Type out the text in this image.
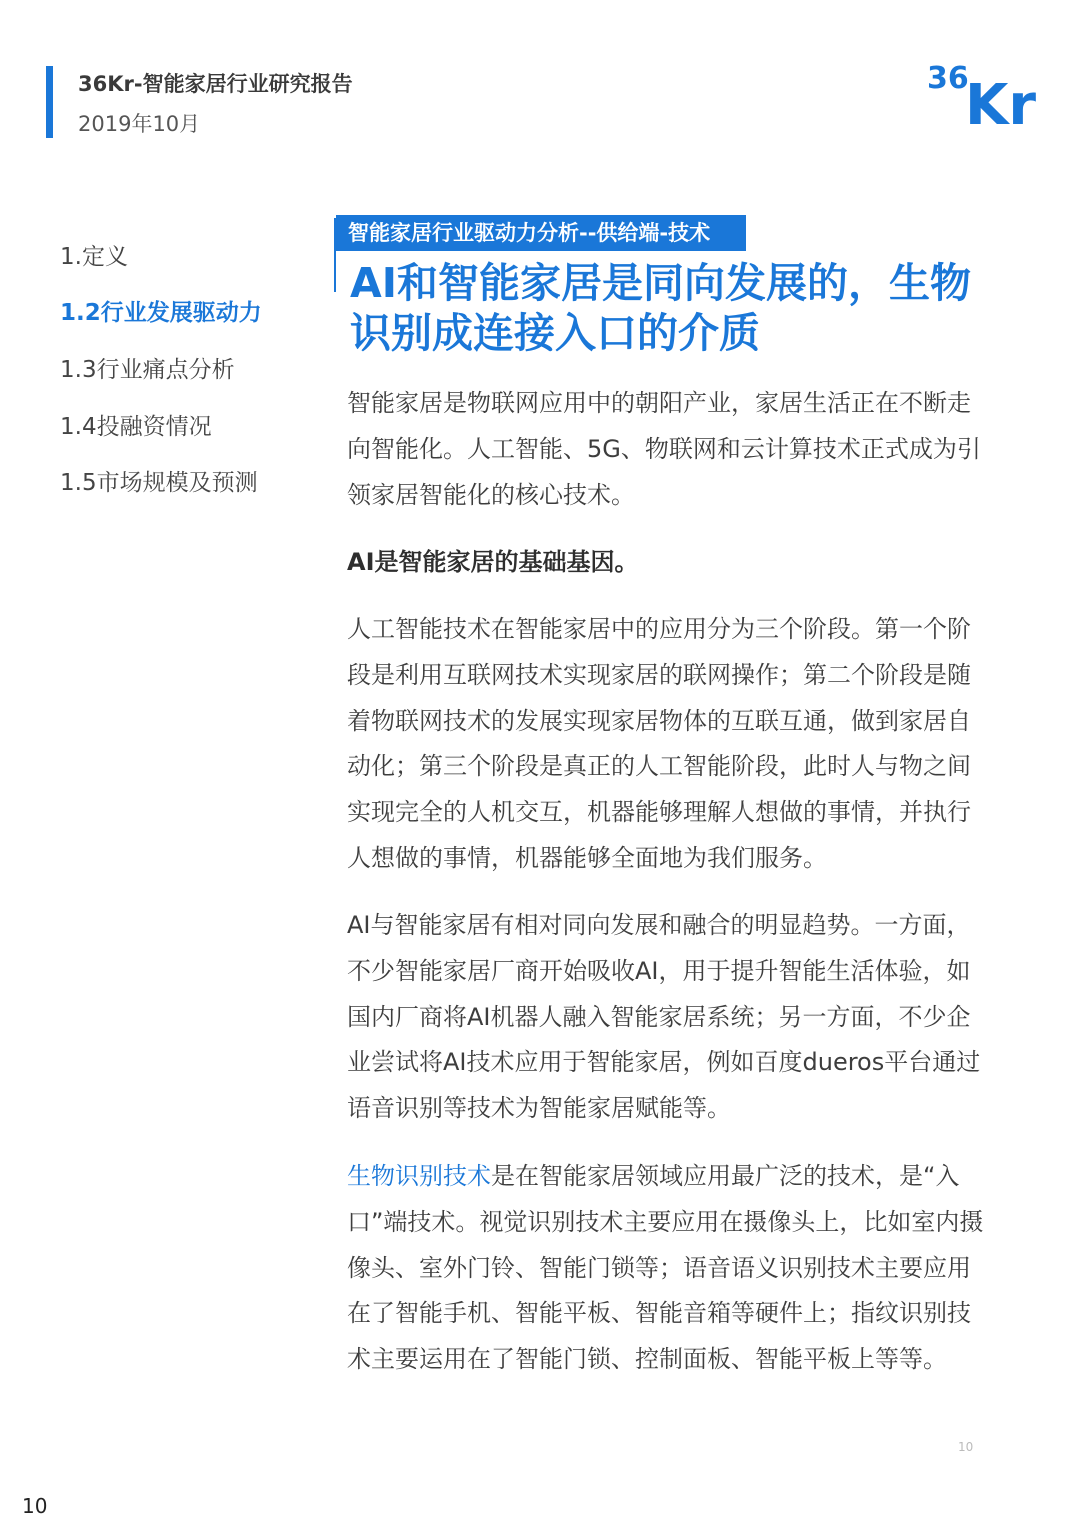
36Kr-智能家居行业研究报告
2019年10月
36
Kr
1.定义
1.2行业发展驱动力
1.3行业痛点分析
1.4投融资情况
1.5市场规模及预测
智能家居行业驱动力分析--供给端-技术
AI和智能家居是同向发展的，生物识别成连接入口的介质
智能家居是物联网应用中的朝阳产业，家居生活正在不断走向智能化。人工智能、5G、物联网和云计算技术正式成为引领家居智能化的核心技术。
AI是智能家居的基础基因。
人工智能技术在智能家居中的应用分为三个阶段。第一个阶段是利用互联网技术实现家居的联网操作；第二个阶段是随着物联网技术的发展实现家居物体的互联互通，做到家居自动化；第三个阶段是真正的人工智能阶段，此时人与物之间实现完全的人机交互，机器能够理解人想做的事情，并执行人想做的事情，机器能够全面地为我们服务。
AI与智能家居有相对同向发展和融合的明显趋势。一方面，不少智能家居厂商开始吸收AI，用于提升智能生活体验，如国内厂商将AI机器人融入智能家居系统；另一方面，不少企业尝试将AI技术应用于智能家居，例如百度dueros平台通过语音识别等技术为智能家居赋能等。
生物识别技术是在智能家居领域应用最广泛的技术，是“入口”端技术。视觉识别技术主要应用在摄像头上，比如室内摄像头、室外门铃、智能门锁等；语音语义识别技术主要应用在了智能手机、智能平板、智能音箱等硬件上；指纹识别技术主要运用在了智能门锁、控制面板、智能平板上等等。
10
10
